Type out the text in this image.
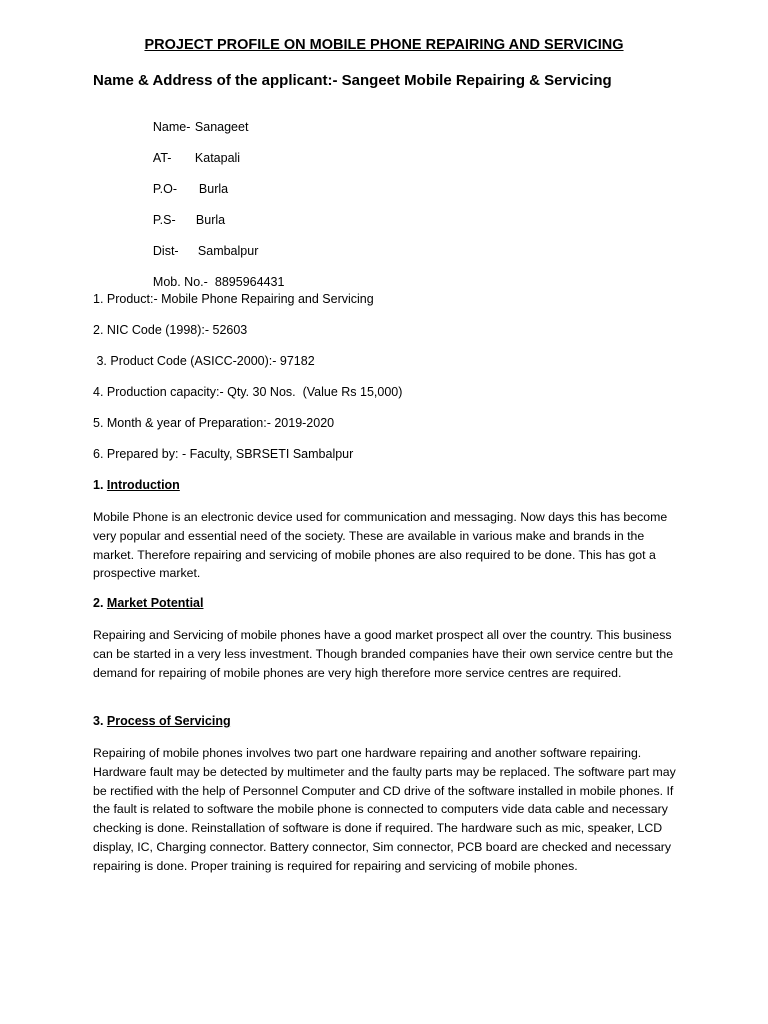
PROJECT PROFILE ON MOBILE PHONE REPAIRING AND SERVICING
Name & Address of the applicant:- Sangeet Mobile Repairing & Servicing

Name- Sanageet

AT- Katapali

P.O- Burla

P.S- Burla

Dist- Sambalpur

Mob. No.- 8895964431

1. Product:- Mobile Phone Repairing and Servicing
2. NIC Code (1998):- 52603
3. Product Code (ASICC-2000):- 97182
4. Production capacity:- Qty. 30 Nos.  (Value Rs 15,000)
5. Month & year of Preparation:- 2019-2020
6. Prepared by: - Faculty, SBRSETI Sambalpur
1. Introduction
Mobile Phone is an electronic device used for communication and messaging. Now days this has become very popular and essential need of the society. These are available in various make and brands in the market. Therefore repairing and servicing of mobile phones are also required to be done. This has got a prospective market.
2. Market Potential
Repairing and Servicing of mobile phones have a good market prospect all over the country. This business can be started in a very less investment. Though branded companies have their own service centre but the demand for repairing of mobile phones are very high therefore more service centres are required.
3. Process of Servicing
Repairing of mobile phones involves two part one hardware repairing and another software repairing. Hardware fault may be detected by multimeter and the faulty parts may be replaced. The software part may be rectified with the help of Personnel Computer and CD drive of the software installed in mobile phones. If the fault is related to software the mobile phone is connected to computers vide data cable and necessary checking is done. Reinstallation of software is done if required. The hardware such as mic, speaker, LCD display, IC, Charging connector. Battery connector, Sim connector, PCB board are checked and necessary repairing is done. Proper training is required for repairing and servicing of mobile phones.
